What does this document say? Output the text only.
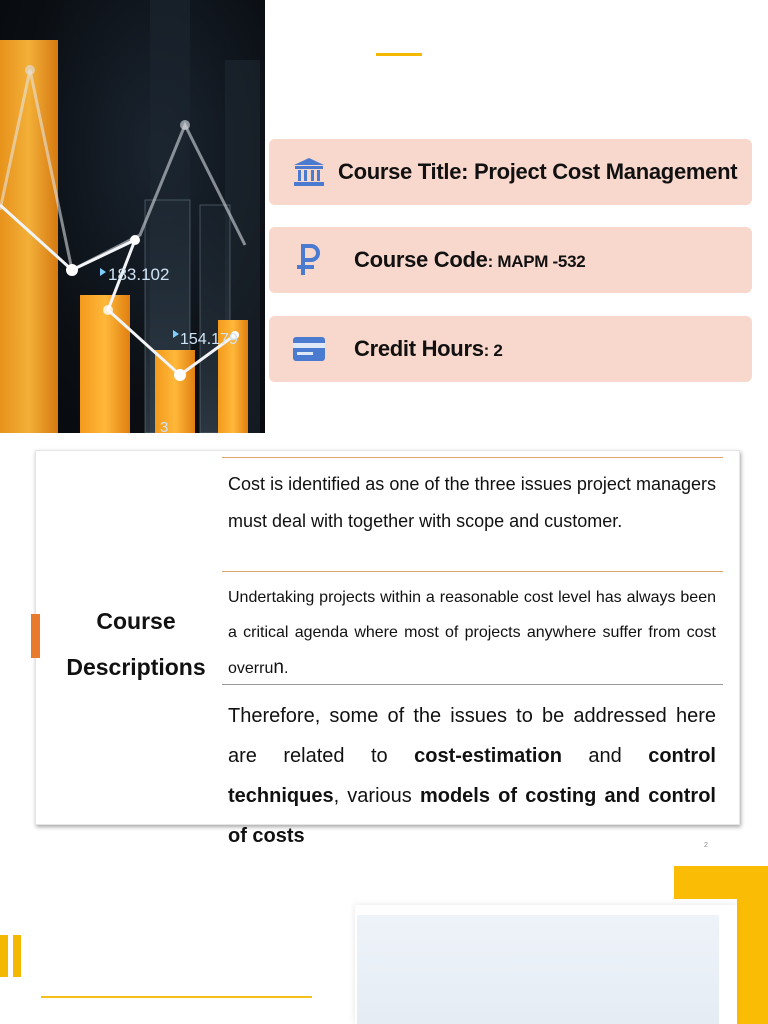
183.102
154.179
3
Course Title: Project Cost Management
Course Code: MAPM -532
Credit Hours: 2
Course
Descriptions

Cost is identified as one of the three issues project managers must deal with together with scope and customer.

Undertaking projects within a reasonable cost level has always been a critical agenda where most of projects anywhere suffer from cost overrun.

Therefore, some of the issues to be addressed here are related to cost-estimation and control techniques, various models of costing and control of costs	2
